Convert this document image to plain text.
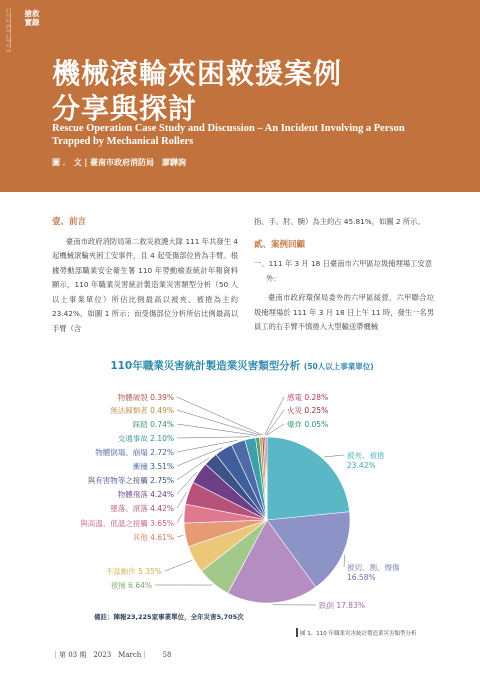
Emergency Rescue
搶救實錄
機械滾輪夾困救援案例
分享與探討
Rescue Operation Case Study and Discussion – An Incident Involving a Person Trapped by Mechanical Rollers
圖 ． 文 | 臺南市政府消防局　廖驊詢
壹、前言
臺南市政府消防局第二救災救護大隊 111 年共發生 4 起機械滾輪夾困工安事件，且 4 起受傷部位皆為手臂。根據勞動部職業安全衛生署 110 年勞動檢查統計年報資料顯示，110 年職業災害統計製造業災害類型分析（50 人以上事業單位）所佔比例最高以被夾、被捲為主約 23.42%，如圖 1 所示；而受傷部位分析所佔比例最高以手臂（含
指、手、肘、腕）為主約占 45.81%，如圖 2 所示。
貳、案例回顧
一、111 年 3 月 18 日臺南市六甲區垃圾掩埋場工安意外：
臺南市政府環保局委外的六甲區綏營、六甲聯合垃圾掩埋場於 111 年 3 月 18 日上午 11 時，發生一名男員工的右手臂不慎捲入大型輸送帶機械
被夾、被捲 23.42%
被切、割、擦傷 16.58%
跌倒 17.83%
被撞 6.64%
不當動作 5.35%
其他 4.61%
與高溫、低溫之接觸 3.65%
墜落、滾落 4.42%
物體飛落 4.24%
與有害物等之接觸 2.75%
衝撞 3.51%
物體倒塌、崩塌 2.72%
交通事故 2.10%
踩踏 0.74%
無法歸類者 0.49%
物體破裂 0.39%	感電 0.28%
火災 0.25%
爆炸 0.05%
110年職業災害統計製造業災害類型分析 (50人以上事業單位)
備註：陣報23,225家事業單位，全年災害5,705次
圖 1、110 年職業災害統計製造業災害類型分析
｜第 03 期　2023　March｜ 58
